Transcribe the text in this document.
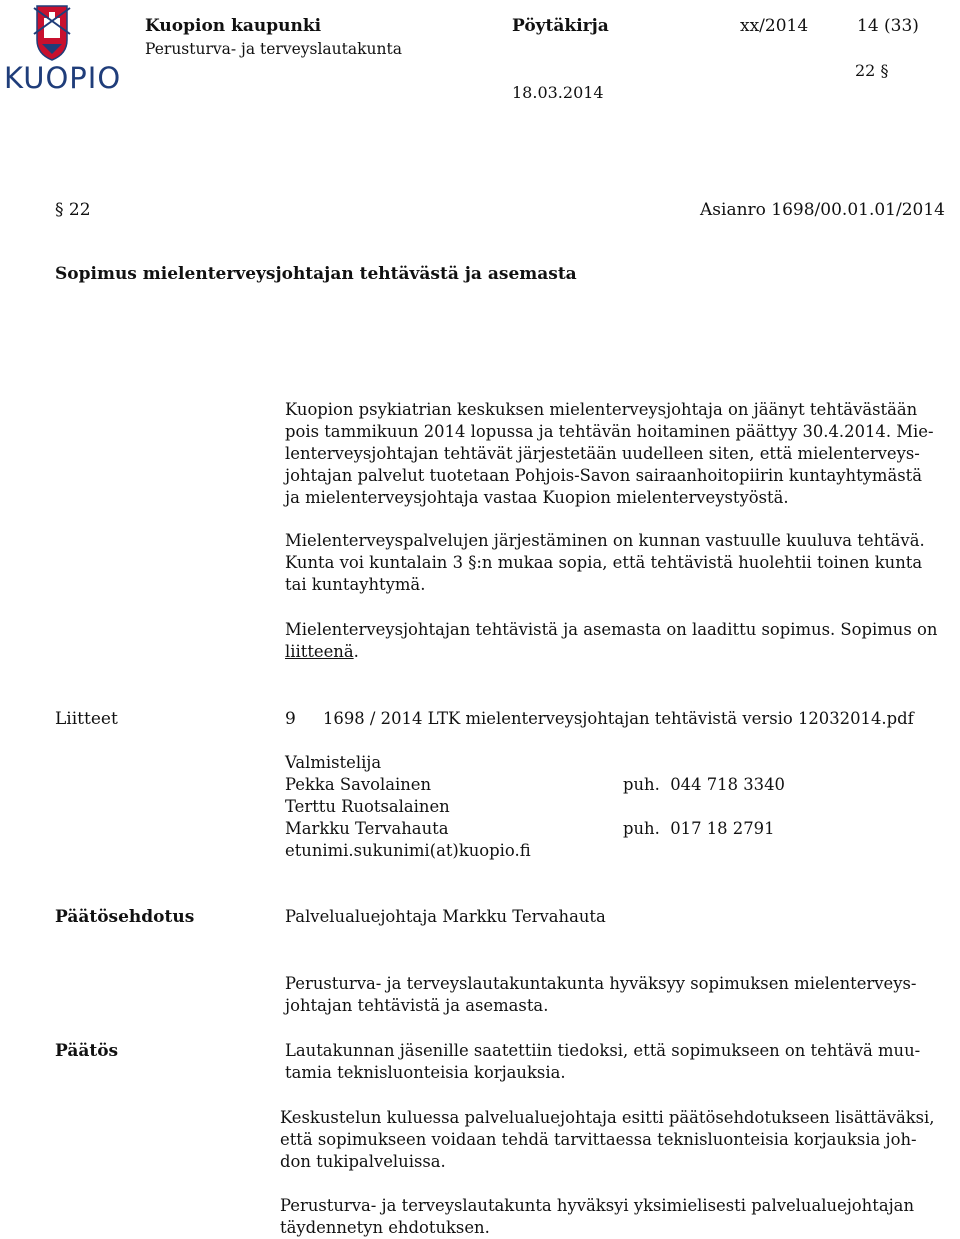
KUOPIO
Kuopion kaupunki
Perusturva- ja terveyslautakunta
Pöytäkirja	xx/2014	14 (33)
22 §
18.03.2014
§ 22	Asianro 1698/00.01.01/2014
Sopimus mielenterveysjohtajan tehtävästä ja asemasta
Kuopion psykiatrian keskuksen mielenterveysjohtaja on jäänyt tehtävästään
pois tammikuun 2014 lopussa ja tehtävän hoitaminen päättyy 30.4.2014. Mie-
lenterveysjohtajan tehtävät järjestetään uudelleen siten, että mielenterveys-
johtajan palvelut tuotetaan Pohjois-Savon sairaanhoitopiirin kuntayhtymästä
ja mielenterveysjohtaja vastaa Kuopion mielenterveystyöstä.
Mielenterveyspalvelujen järjestäminen on kunnan vastuulle kuuluva tehtävä.
Kunta voi kuntalain 3 §:n mukaa sopia, että tehtävistä huolehtii toinen kunta
tai kuntayhtymä.
Mielenterveysjohtajan tehtävistä ja asemasta on laadittu sopimus. Sopimus on
liitteenä.
Liitteet	9 1698 / 2014 LTK mielenterveysjohtajan tehtävistä versio 12032014.pdf
Valmistelija
Pekka Savolainen	puh.  044 718 3340
Terttu Ruotsalainen
Markku Tervahauta	puh.  017 18 2791
etunimi.sukunimi(at)kuopio.fi
Päätösehdotus	Palvelualuejohtaja Markku Tervahauta
Perusturva- ja terveyslautakuntakunta hyväksyy sopimuksen mielenterveys-
johtajan tehtävistä ja asemasta.
Päätös	Lautakunnan jäsenille saatettiin tiedoksi, että sopimukseen on tehtävä muu-
tamia teknisluonteisia korjauksia.
Keskustelun kuluessa palvelualuejohtaja esitti päätösehdotukseen lisättäväksi,
että sopimukseen voidaan tehdä tarvittaessa teknisluonteisia korjauksia joh-
don tukipalveluissa.
Perusturva- ja terveyslautakunta hyväksyi yksimielisesti palvelualuejohtajan
täydennetyn ehdotuksen.
